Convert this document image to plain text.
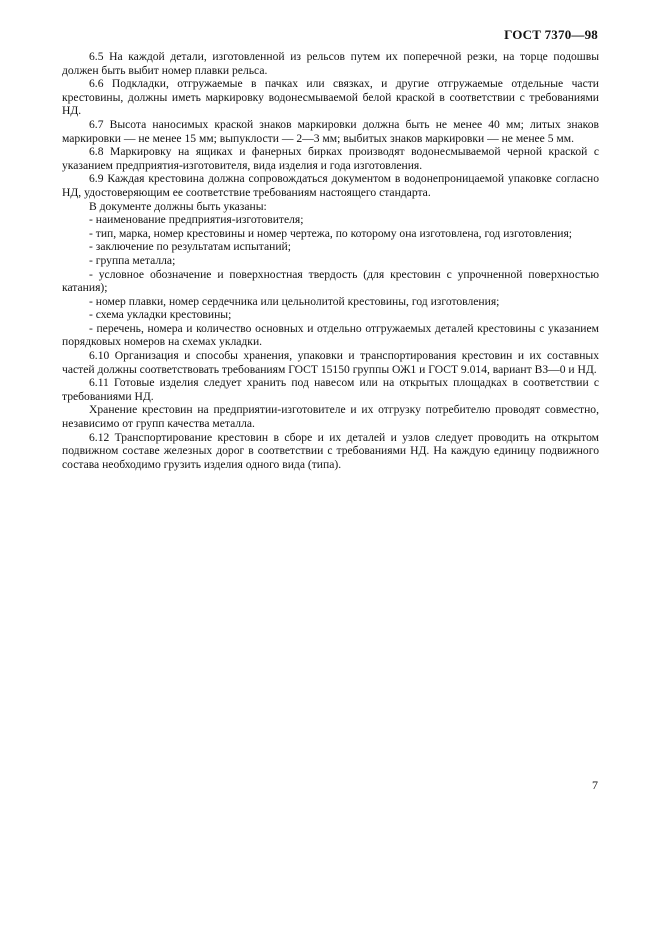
ГОСТ 7370—98

6.5 На каждой детали, изготовленной из рельсов путем их поперечной резки, на торце подошвы должен быть выбит номер плавки рельса.

6.6 Подкладки, отгружаемые в пачках или связках, и другие отгружаемые отдельные части крестовины, должны иметь маркировку водонесмываемой белой краской в соответствии с требованиями НД.

6.7 Высота наносимых краской знаков маркировки должна быть не менее 40 мм; литых знаков маркировки — не менее 15 мм; выпуклости — 2—3 мм; выбитых знаков маркировки — не менее 5 мм.

6.8 Маркировку на ящиках и фанерных бирках производят водонесмываемой черной краской с указанием предприятия-изготовителя, вида изделия и года изготовления.

6.9 Каждая крестовина должна сопровождаться документом в водонепроницаемой упаковке согласно НД, удостоверяющим ее соответствие требованиям настоящего стандарта.

В документе должны быть указаны:

- наименование предприятия-изготовителя;

- тип, марка, номер крестовины и номер чертежа, по которому она изготовлена, год изготовления;

- заключение по результатам испытаний;

- группа металла;

- условное обозначение и поверхностная твердость (для крестовин с упрочненной поверхностью катания);

- номер плавки, номер сердечника или цельнолитой крестовины, год изготовления;

- схема укладки крестовины;

- перечень, номера и количество основных и отдельно отгружаемых деталей крестовины с указанием порядковых номеров на схемах укладки.

6.10 Организация и способы хранения, упаковки и транспортирования крестовин и их составных частей должны соответствовать требованиям ГОСТ 15150 группы ОЖ1 и ГОСТ 9.014, вариант ВЗ—0 и НД.

6.11 Готовые изделия следует хранить под навесом или на открытых площадках в соответствии с требованиями НД.

Хранение крестовин на предприятии-изготовителе и их отгрузку потребителю проводят совместно, независимо от групп качества металла.

6.12 Транспортирование крестовин в сборе и их деталей и узлов следует проводить на открытом подвижном составе железных дорог в соответствии с требованиями НД. На каждую единицу подвижного состава необходимо грузить изделия одного вида (типа).

7
